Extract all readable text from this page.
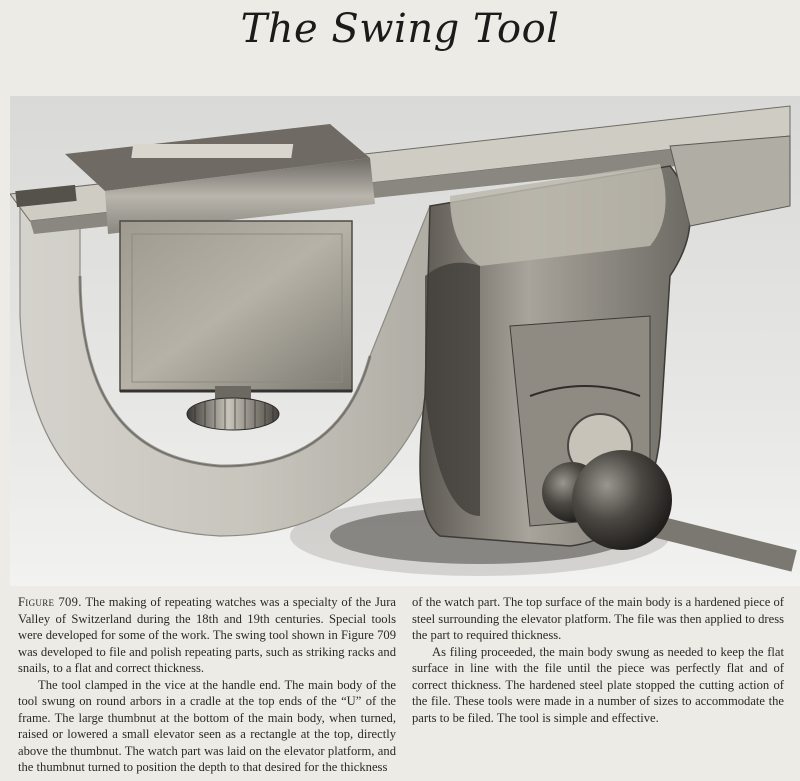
The Swing Tool

Figure 709. The making of repeating watches was a specialty of the Jura Valley of Switzerland during the 18th and 19th centuries. Special tools were developed for some of the work. The swing tool shown in Figure 709 was developed to file and polish repeating parts, such as striking racks and snails, to a flat and correct thickness.

The tool clamped in the vice at the handle end. The main body of the tool swung on round arbors in a cradle at the top ends of the “U” of the frame. The large thumbnut at the bottom of the main body, when turned, raised or lowered a small elevator seen as a rectangle at the top, directly above the thumbnut. The watch part was laid on the elevator platform, and the thumbnut turned to position the depth to that desired for the thickness

of the watch part. The top surface of the main body is a hardened piece of steel surrounding the elevator platform. The file was then applied to dress the part to required thickness.

As filing proceeded, the main body swung as needed to keep the flat surface in line with the file until the piece was perfectly flat and of correct thickness. The hardened steel plate stopped the cutting action of the file. These tools were made in a number of sizes to accommodate the parts to be filed. The tool is simple and effective.
